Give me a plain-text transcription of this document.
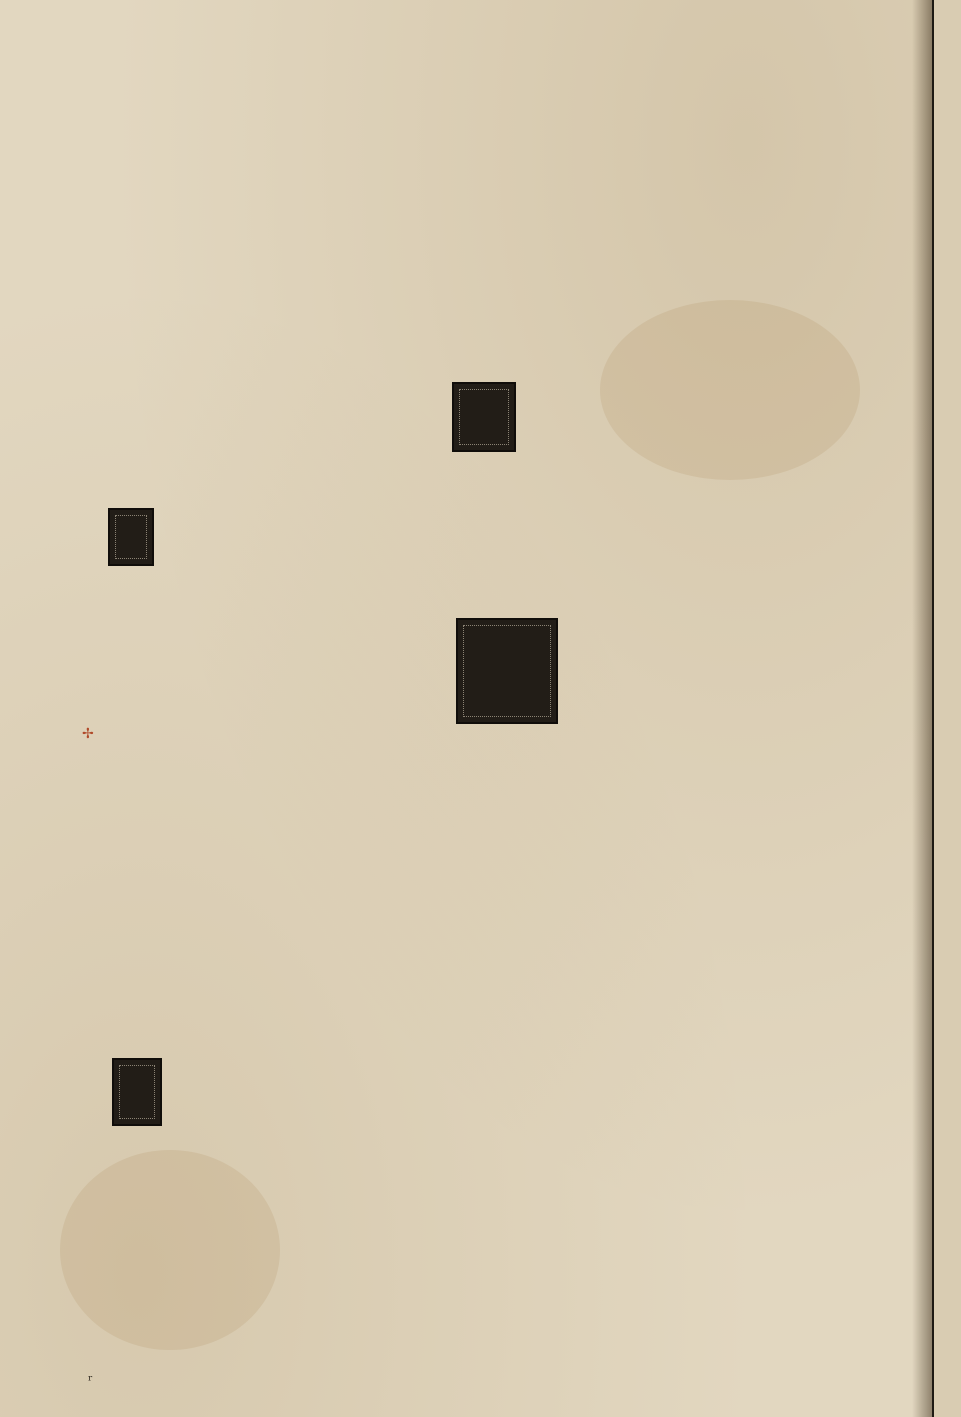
✢
ʳ
